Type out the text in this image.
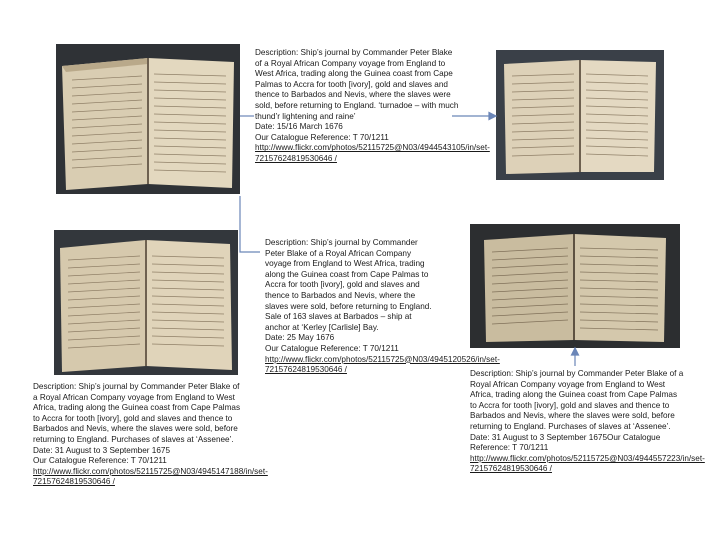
Description: Ship’s journal by Commander Peter Blake of a Royal African Company voyage from England to West Africa, trading along the Guinea coast from Cape Palmas to Accra for tooth [ivory], gold and slaves and thence to Barbados and Nevis, where the slaves were sold, before returning to England. ‘turnadoe – with much thund’r lightening and raine’
Date: 15/16 March 1676
Our Catalogue Reference: T 70/1211
http://www.flickr.com/photos/52115725@N03/4944543105/in/set-72157624819530646 /
Description: Ship’s journal by Commander Peter Blake of a Royal African Company voyage from England to West Africa, trading along the Guinea coast from Cape Palmas to Accra for tooth [ivory], gold and slaves and thence to Barbados and Nevis, where the slaves were sold, before returning to England. Sale of 163 slaves at Barbados – ship at anchor at ‘Kerley [Carlisle] Bay.
Date: 25 May 1676
Our Catalogue Reference: T 70/1211
http://www.flickr.com/photos/52115725@N03/4945120526/in/set-72157624819530646 /
Description: Ship’s journal by Commander Peter Blake of a Royal African Company voyage from England to West Africa, trading along the Guinea coast from Cape Palmas to Accra for tooth [ivory], gold and slaves and thence to Barbados and Nevis, where the slaves were sold, before returning to England. Purchases of slaves at ‘Assenee’.
Date: 31 August to 3 September 1675
Our Catalogue Reference: T 70/1211
http://www.flickr.com/photos/52115725@N03/4945147188/in/set-72157624819530646 /
Description: Ship’s journal by Commander Peter Blake of a Royal African Company voyage from England to West Africa, trading along the Guinea coast from Cape Palmas to Accra for tooth [ivory], gold and slaves and thence to Barbados and Nevis, where the slaves were sold, before returning to England. Purchases of slaves at ‘Assenee’.
Date: 31 August to 3 September 1675Our Catalogue Reference: T 70/1211
http://www.flickr.com/photos/52115725@N03/4944557223/in/set-72157624819530646 /
